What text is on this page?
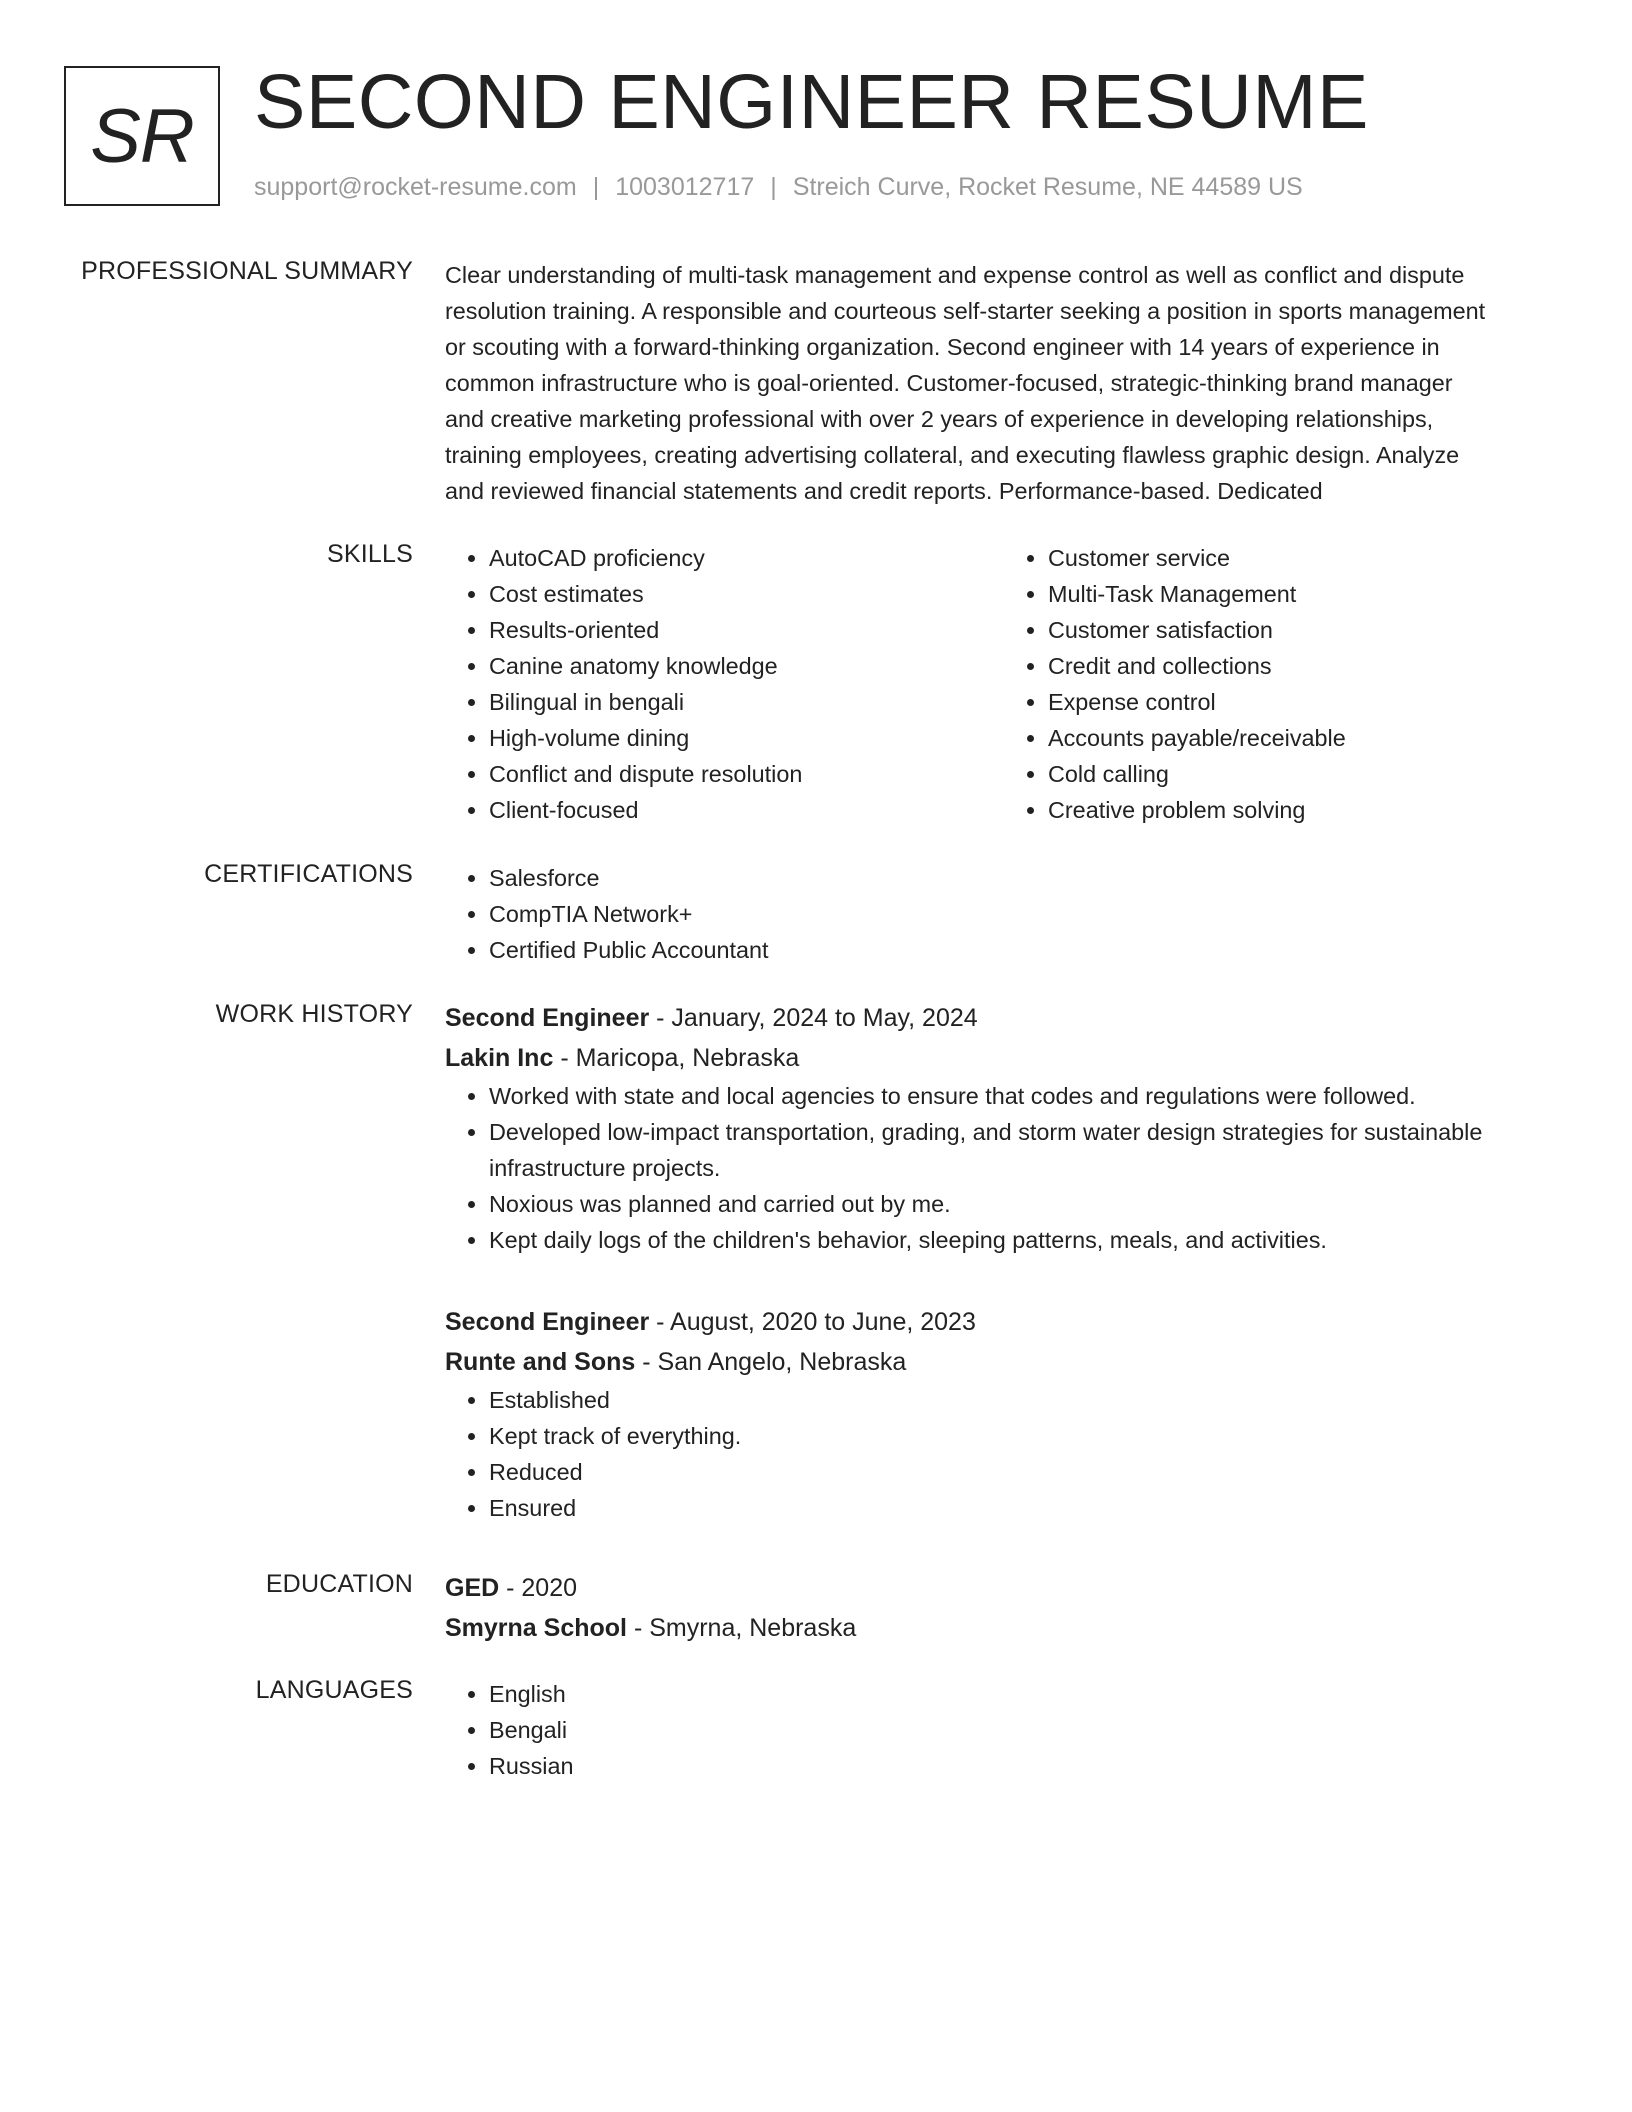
SR SECOND ENGINEER RESUME
support@rocket-resume.com | 1003012717 | Streich Curve, Rocket Resume, NE 44589 US
PROFESSIONAL SUMMARY Clear understanding of multi-task management and expense control as well as conflict and dispute
resolution training. A responsible and courteous self-starter seeking a position in sports management
or scouting with a forward-thinking organization. Second engineer with 14 years of experience in
common infrastructure who is goal-oriented. Customer-focused, strategic-thinking brand manager
and creative marketing professional with over 2 years of experience in developing relationships,
training employees, creating advertising collateral, and executing flawless graphic design. Analyze
and reviewed financial statements and credit reports. Performance-based. Dedicated
SKILLS	• AutoCAD proficiency
• Cost estimates
• Results-oriented
• Canine anatomy knowledge
• Bilingual in bengali
• High-volume dining
• Conflict and dispute resolution
• Client-focused
• Customer service
• Multi-Task Management
• Customer satisfaction
• Credit and collections
• Expense control
• Accounts payable/receivable
• Cold calling
• Creative problem solving
CERTIFICATIONS	• Salesforce
• CompTIA Network+
• Certified Public Accountant
WORK HISTORY Second Engineer - January, 2024 to May, 2024
Lakin Inc - Maricopa, Nebraska
• Worked with state and local agencies to ensure that codes and regulations were followed.
• Developed low-impact transportation, grading, and storm water design strategies for sustainable infrastructure projects.
• Noxious was planned and carried out by me.
• Kept daily logs of the children's behavior, sleeping patterns, meals, and activities.
Second Engineer - August, 2020 to June, 2023
Runte and Sons - San Angelo, Nebraska
• Established
• Kept track of everything.
• Reduced
• Ensured
EDUCATION GED - 2020
Smyrna School - Smyrna, Nebraska
LANGUAGES	• English
• Bengali
• Russian
